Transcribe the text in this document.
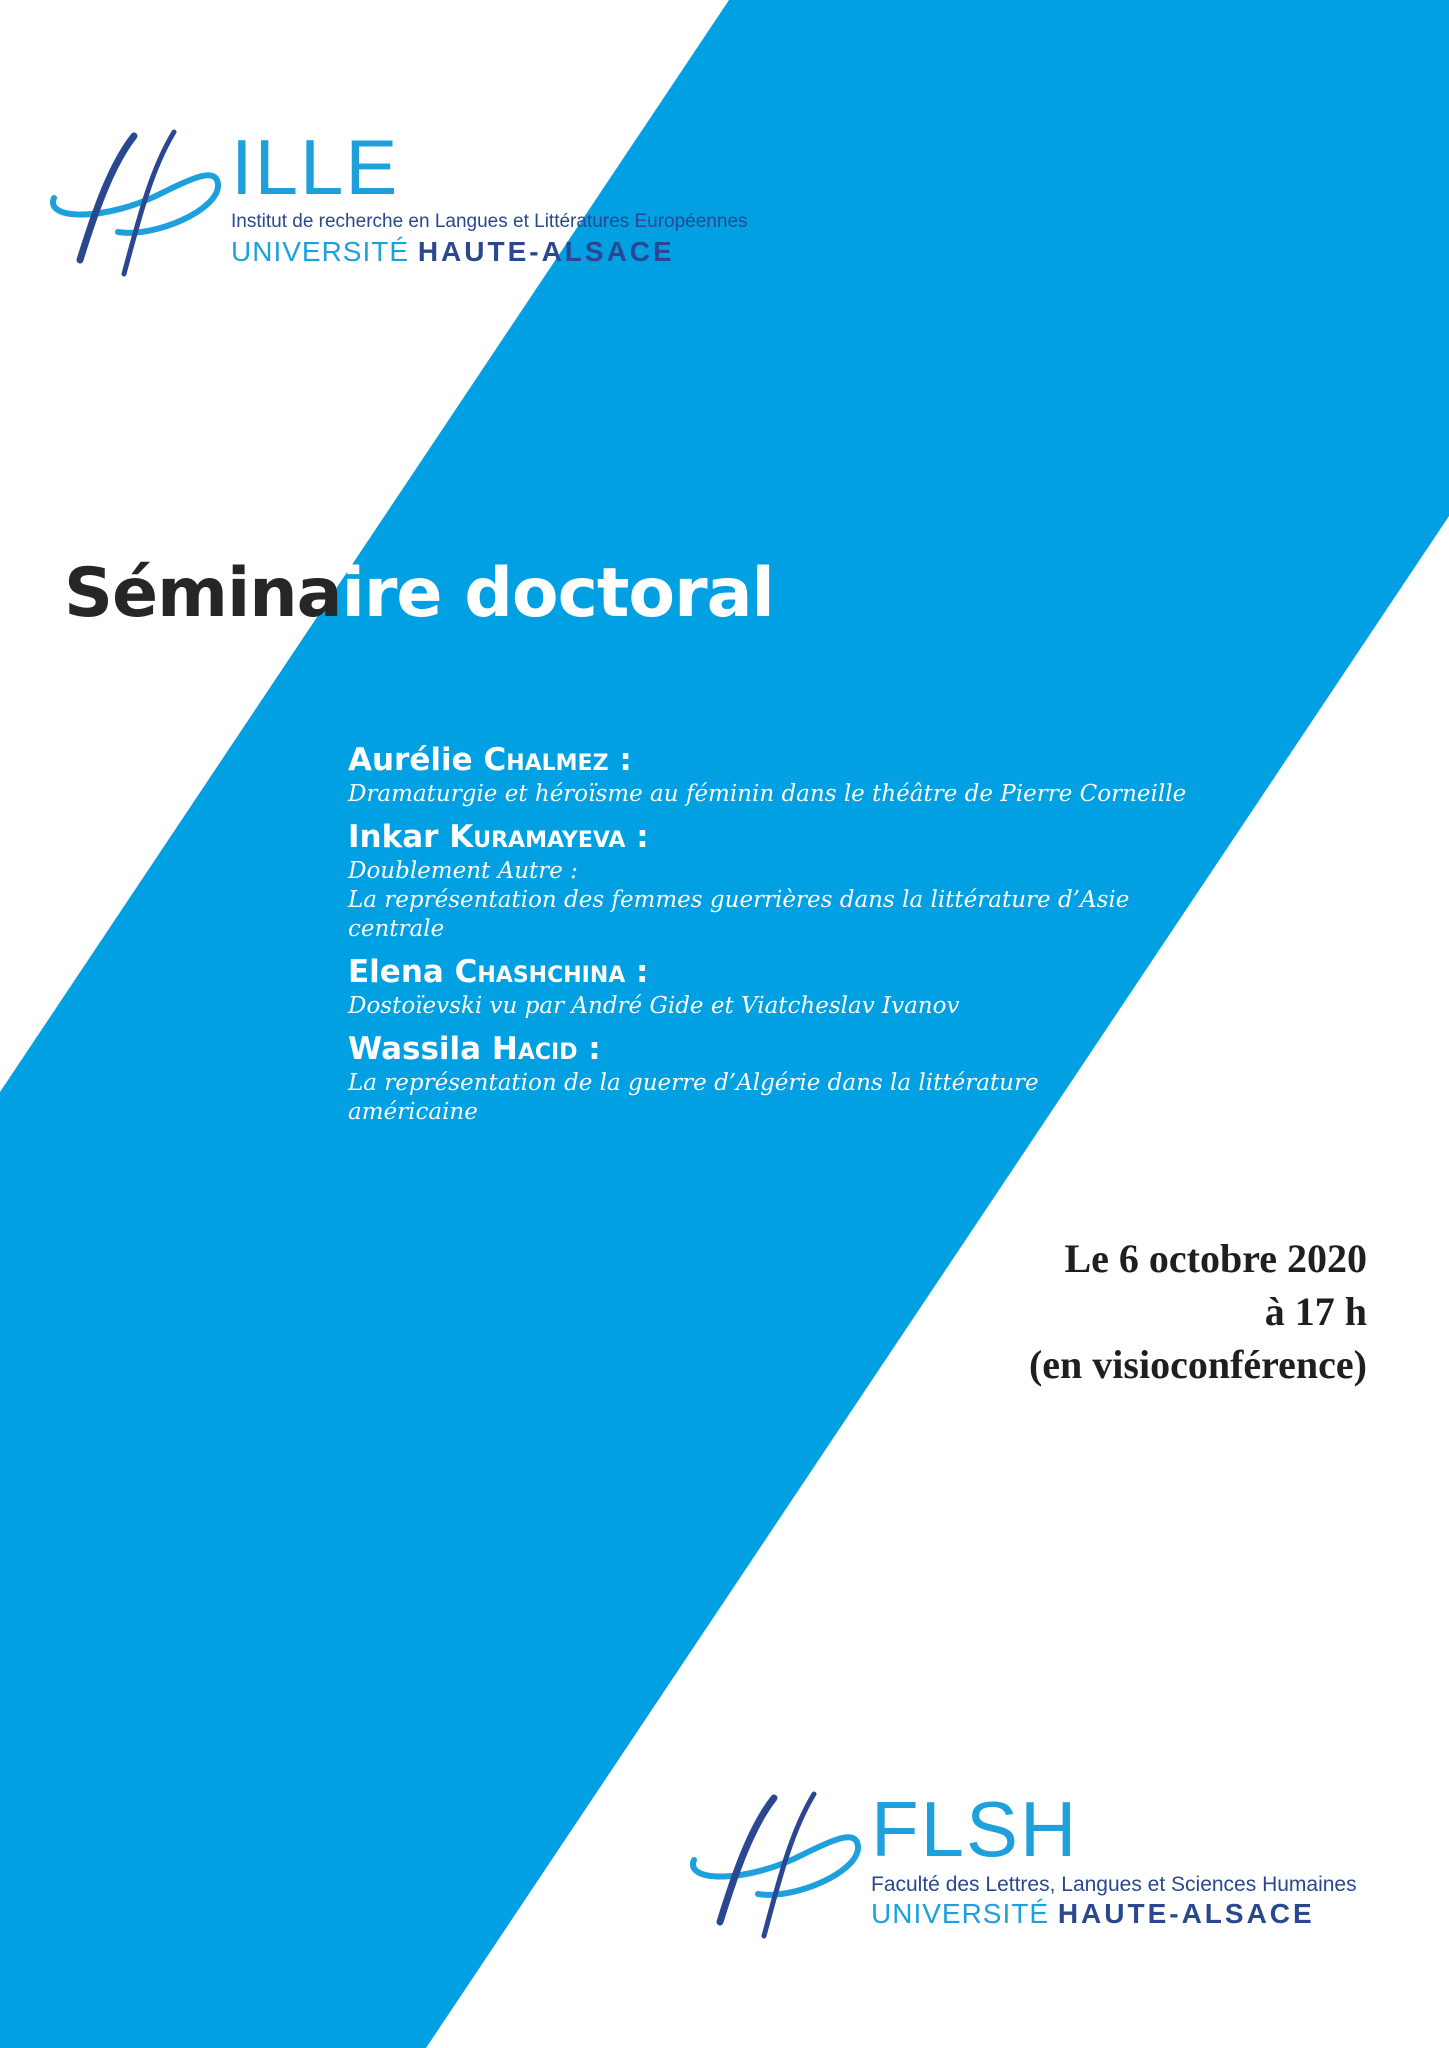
ILLE
Institut de recherche en Langues et Littératures Européennes
UNIVERSITÉ HAUTE-ALSACE
Séminaire doctoral
Aurélie Chalmez :
Dramaturgie et héroïsme au féminin dans le théâtre de Pierre Corneille
Inkar Kuramayeva :
Doublement Autre :
La représentation des femmes guerrières dans la littérature d’Asie
centrale
Elena Chashchina :
Dostoïevski vu par André Gide et Viatcheslav Ivanov
Wassila Hacid :
La représentation de la guerre d’Algérie dans la littérature
américaine
Le 6 octobre 2020
à 17 h
(en visioconférence)
FLSH
Faculté des Lettres, Langues et Sciences Humaines
UNIVERSITÉ HAUTE-ALSACE
